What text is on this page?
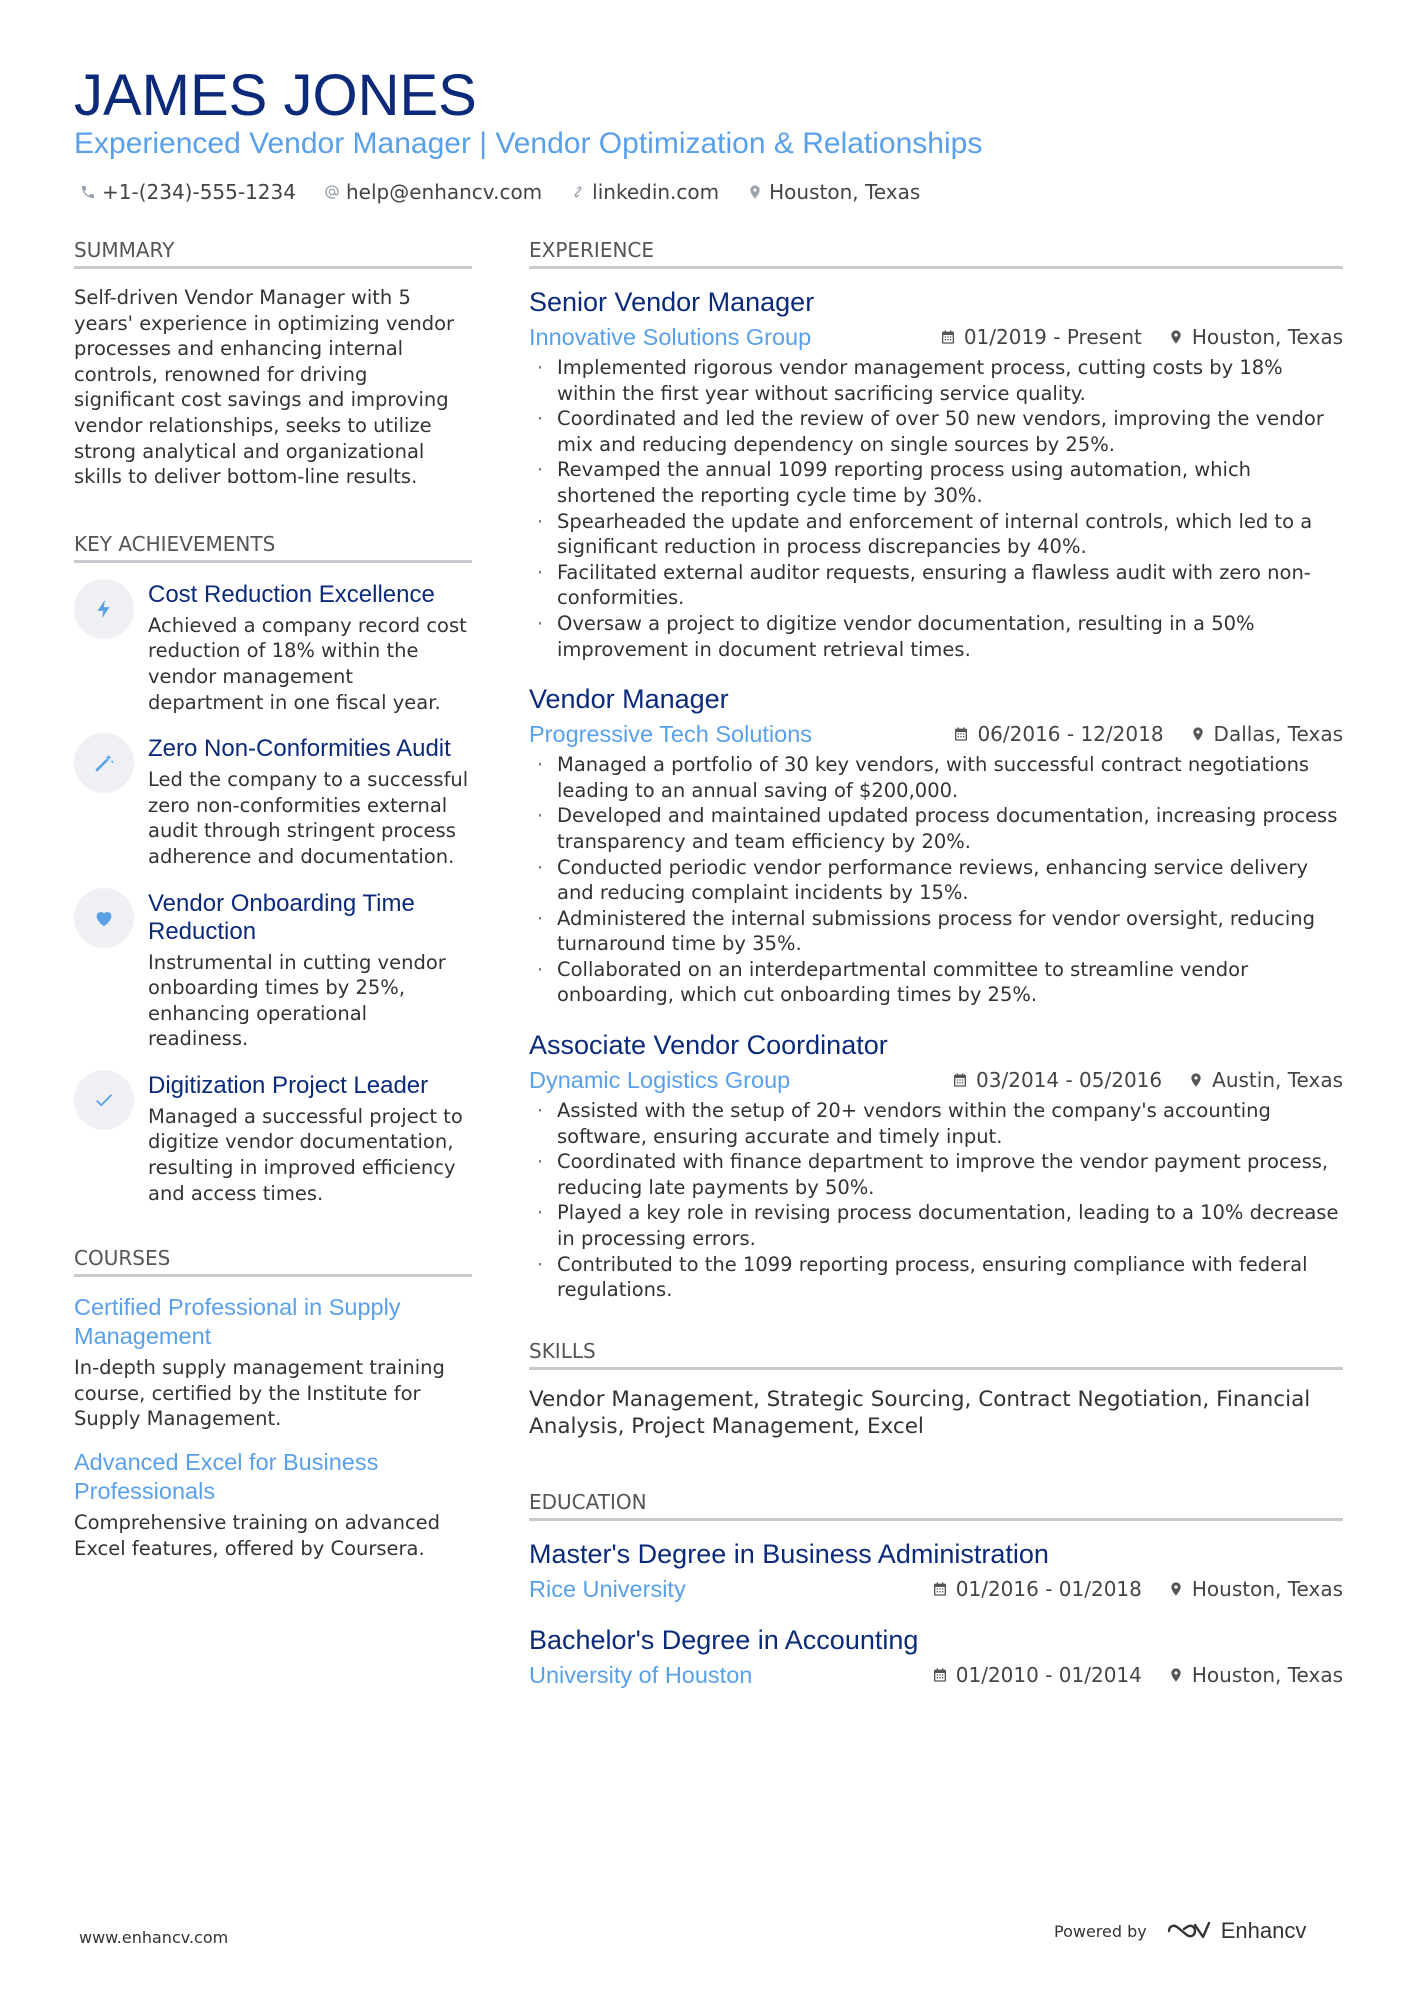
JAMES JONES
Experienced Vendor Manager | Vendor Optimization & Relationships
+1-(234)-555-1234	help@enhancv.com	linkedin.com	Houston, Texas
SUMMARY
Self-driven Vendor Manager with 5 years' experience in optimizing vendor processes and enhancing internal controls, renowned for driving significant cost savings and improving vendor relationships, seeks to utilize strong analytical and organizational skills to deliver bottom-line results.
KEY ACHIEVEMENTS
Cost Reduction Excellence
Achieved a company record cost reduction of 18% within the vendor management department in one fiscal year.
Zero Non-Conformities Audit
Led the company to a successful zero non-conformities external audit through stringent process adherence and documentation.
Vendor Onboarding Time Reduction
Instrumental in cutting vendor onboarding times by 25%, enhancing operational readiness.
Digitization Project Leader
Managed a successful project to digitize vendor documentation, resulting in improved efficiency and access times.
COURSES
Certified Professional in Supply Management
In-depth supply management training course, certified by the Institute for Supply Management.
Advanced Excel for Business Professionals
Comprehensive training on advanced Excel features, offered by Coursera.
EXPERIENCE
Senior Vendor Manager
Innovative Solutions Group	01/2019 - Present	Houston, Texas
· Implemented rigorous vendor management process, cutting costs by 18% within the first year without sacrificing service quality.
· Coordinated and led the review of over 50 new vendors, improving the vendor mix and reducing dependency on single sources by 25%.
· Revamped the annual 1099 reporting process using automation, which shortened the reporting cycle time by 30%.
· Spearheaded the update and enforcement of internal controls, which led to a significant reduction in process discrepancies by 40%.
· Facilitated external auditor requests, ensuring a flawless audit with zero non-conformities.
· Oversaw a project to digitize vendor documentation, resulting in a 50% improvement in document retrieval times.
Vendor Manager
Progressive Tech Solutions	06/2016 - 12/2018	Dallas, Texas
· Managed a portfolio of 30 key vendors, with successful contract negotiations leading to an annual saving of $200,000.
· Developed and maintained updated process documentation, increasing process transparency and team efficiency by 20%.
· Conducted periodic vendor performance reviews, enhancing service delivery and reducing complaint incidents by 15%.
· Administered the internal submissions process for vendor oversight, reducing turnaround time by 35%.
· Collaborated on an interdepartmental committee to streamline vendor onboarding, which cut onboarding times by 25%.
Associate Vendor Coordinator
Dynamic Logistics Group	03/2014 - 05/2016	Austin, Texas
· Assisted with the setup of 20+ vendors within the company's accounting software, ensuring accurate and timely input.
· Coordinated with finance department to improve the vendor payment process, reducing late payments by 50%.
· Played a key role in revising process documentation, leading to a 10% decrease in processing errors.
· Contributed to the 1099 reporting process, ensuring compliance with federal regulations.
SKILLS
Vendor Management, Strategic Sourcing, Contract Negotiation, Financial Analysis, Project Management, Excel
EDUCATION
Master's Degree in Business Administration
Rice University	01/2016 - 01/2018	Houston, Texas
Bachelor's Degree in Accounting
University of Houston	01/2010 - 01/2014	Houston, Texas
www.enhancv.com	Powered by	Enhancv
